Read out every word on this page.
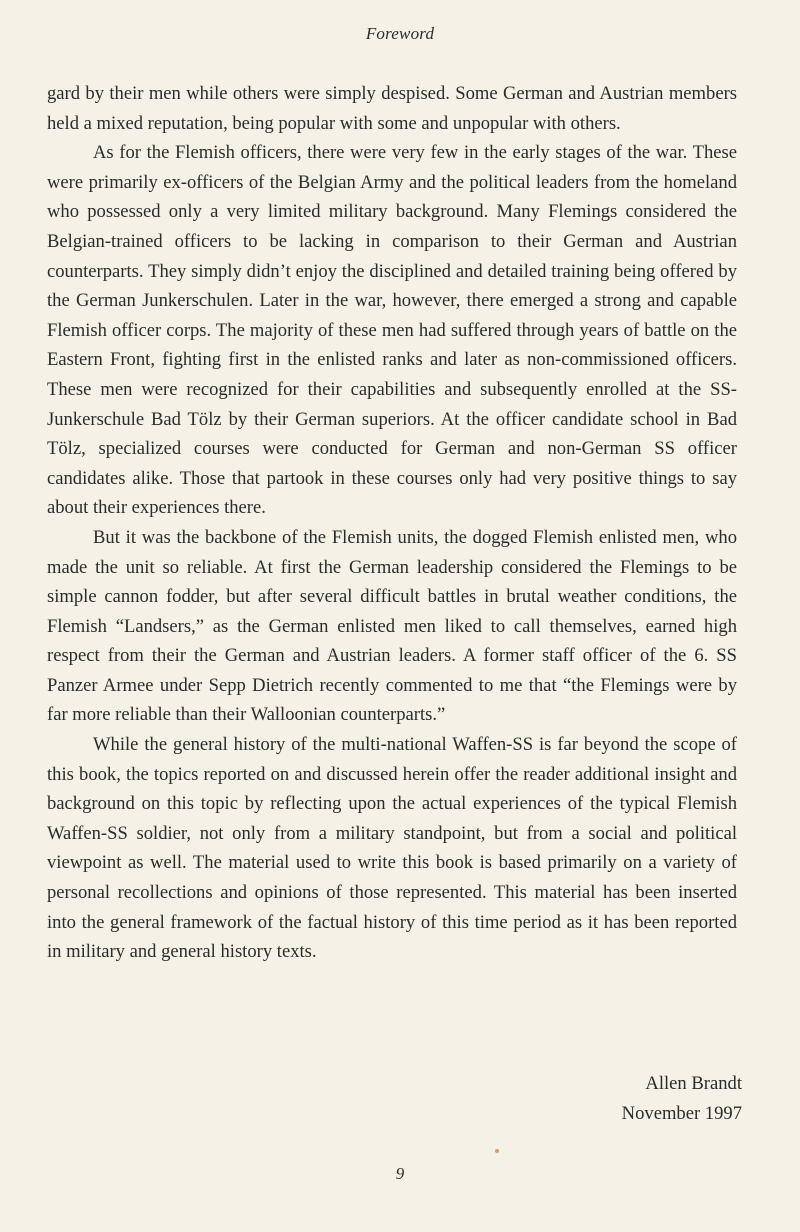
Foreword

gard by their men while others were simply despised. Some German and Austrian members held a mixed reputation, being popular with some and unpopular with others.

As for the Flemish officers, there were very few in the early stages of the war. These were primarily ex-officers of the Belgian Army and the political leaders from the homeland who possessed only a very limited military background. Many Flemings considered the Belgian-trained officers to be lacking in comparison to their German and Austrian counterparts. They simply didn’t enjoy the disciplined and detailed training being offered by the German Junkerschulen. Later in the war, however, there emerged a strong and capable Flemish officer corps. The majority of these men had suffered through years of battle on the Eastern Front, fighting first in the enlisted ranks and later as non-commissioned officers. These men were recognized for their capabilities and subsequently enrolled at the SS-Junkerschule Bad Tölz by their German superiors. At the officer candidate school in Bad Tölz, specialized courses were conducted for German and non-German SS officer candidates alike. Those that partook in these courses only had very positive things to say about their experiences there.

But it was the backbone of the Flemish units, the dogged Flemish enlisted men, who made the unit so reliable. At first the German leadership considered the Flemings to be simple cannon fodder, but after several difficult battles in brutal weather conditions, the Flemish “Landsers,” as the German enlisted men liked to call themselves, earned high respect from their the German and Austrian leaders. A former staff officer of the 6. SS Panzer Armee under Sepp Dietrich recently commented to me that “the Flemings were by far more reliable than their Walloonian counterparts.”

While the general history of the multi-national Waffen-SS is far beyond the scope of this book, the topics reported on and discussed herein offer the reader additional insight and background on this topic by reflecting upon the actual experiences of the typical Flemish Waffen-SS soldier, not only from a military standpoint, but from a social and political viewpoint as well. The material used to write this book is based primarily on a variety of personal recollections and opinions of those represented. This material has been inserted into the general framework of the factual history of this time period as it has been reported in military and general history texts.

Allen Brandt
November 1997
9
